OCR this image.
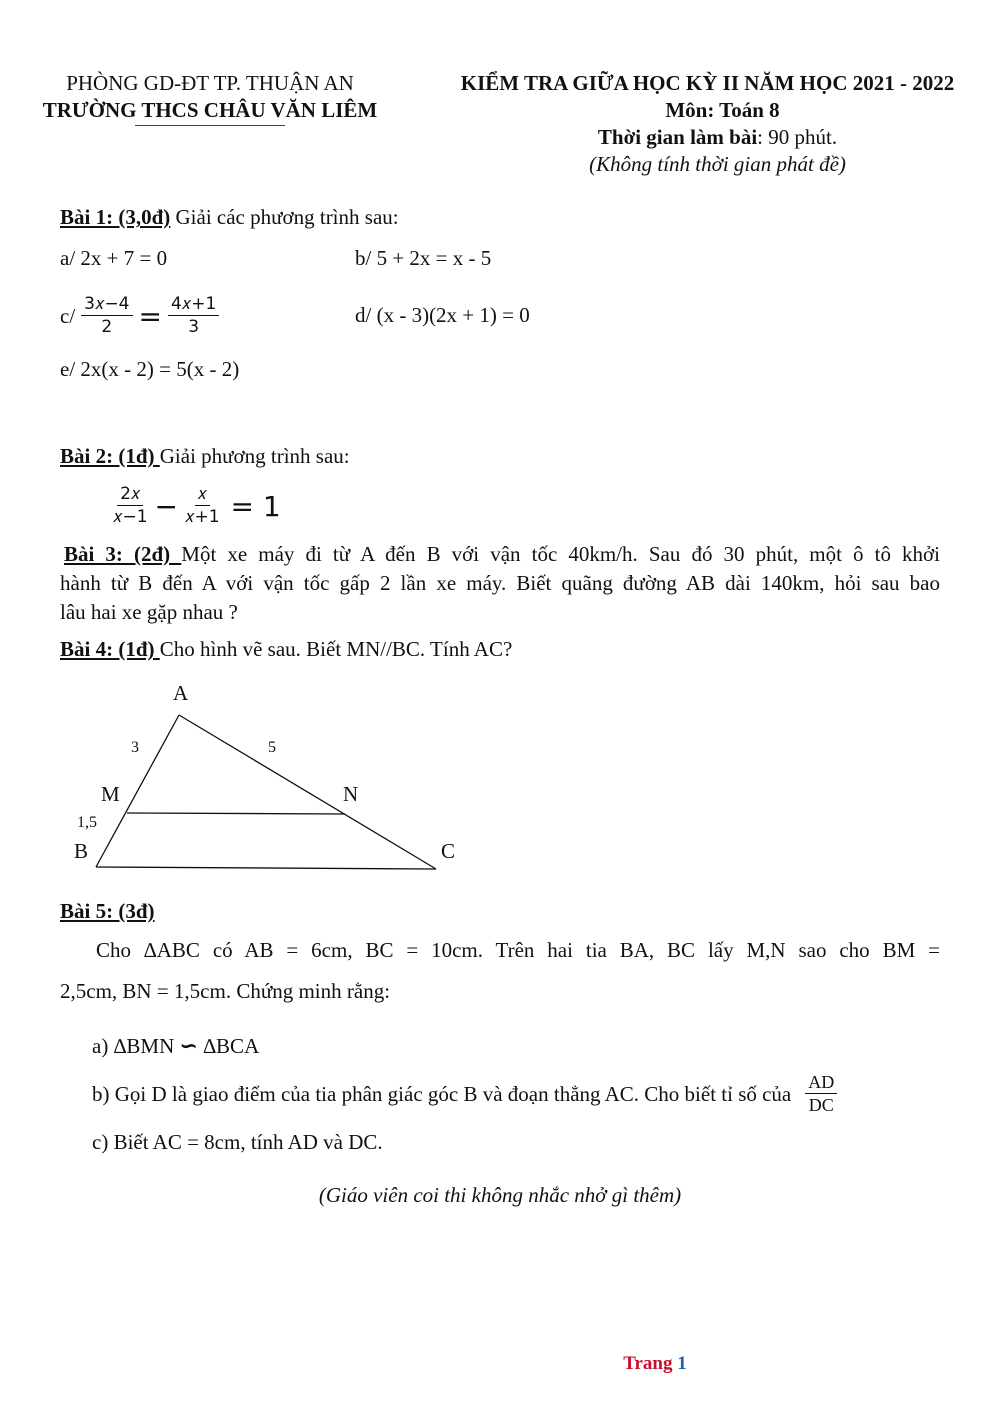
PHÒNG GD-ĐT TP. THUẬN AN
TRƯỜNG THCS CHÂU VĂN LIÊM
KIỂM TRA GIỮA HỌC KỲ II NĂM HỌC 2021 - 2022
Môn: Toán 8
Thời gian làm bài: 90 phút.
(Không tính thời gian phát đề)
Bài 1: (3,0đ) Giải các phương trình sau:
a/ 2x + 7 = 0	b/ 5 + 2x = x - 5
$c/ \frac{\text{3𝑥−4}}{2} = \frac{\text{4𝑥+1}}{3}$	d/ (x - 3)(2x + 1) = 0
e/ 2x(x - 2) = 5(x - 2)
Bài 2: (1đ) Giải phương trình sau:
$\frac{\text{2𝑥}}{\text{𝑥−1}} - \frac{\text{𝑥}}{\text{𝑥+1}} = 1$
Bài 3: (2đ) Một xe máy đi từ A đến B với vận tốc 40km/h. Sau đó 30 phút, một ô tô khởi
hành từ B đến A với vận tốc gấp 2 lần xe máy. Biết quãng đường AB dài 140km, hỏi sau bao
lâu hai xe gặp nhau ?
Bài 4: (1đ) Cho hình vẽ sau. Biết MN//BC. Tính AC?
A
3	5
M	N
1,5
B	C
Bài 5: (3đ)
Cho ∆ABC có AB = 6cm, BC = 10cm. Trên hai tia BA, BC lấy M,N sao cho BM =
2,5cm, BN = 1,5cm. Chứng minh rằng:
a) ∆BMN ∽ ∆BCA
b) Gọi D là giao điểm của tia phân giác góc B và đoạn thẳng AC. Cho biết tỉ số của $\frac{AD}{DC}$
c) Biết AC = 8cm, tính AD và DC.
(Giáo viên coi thi không nhắc nhở gì thêm)
Trang 1
